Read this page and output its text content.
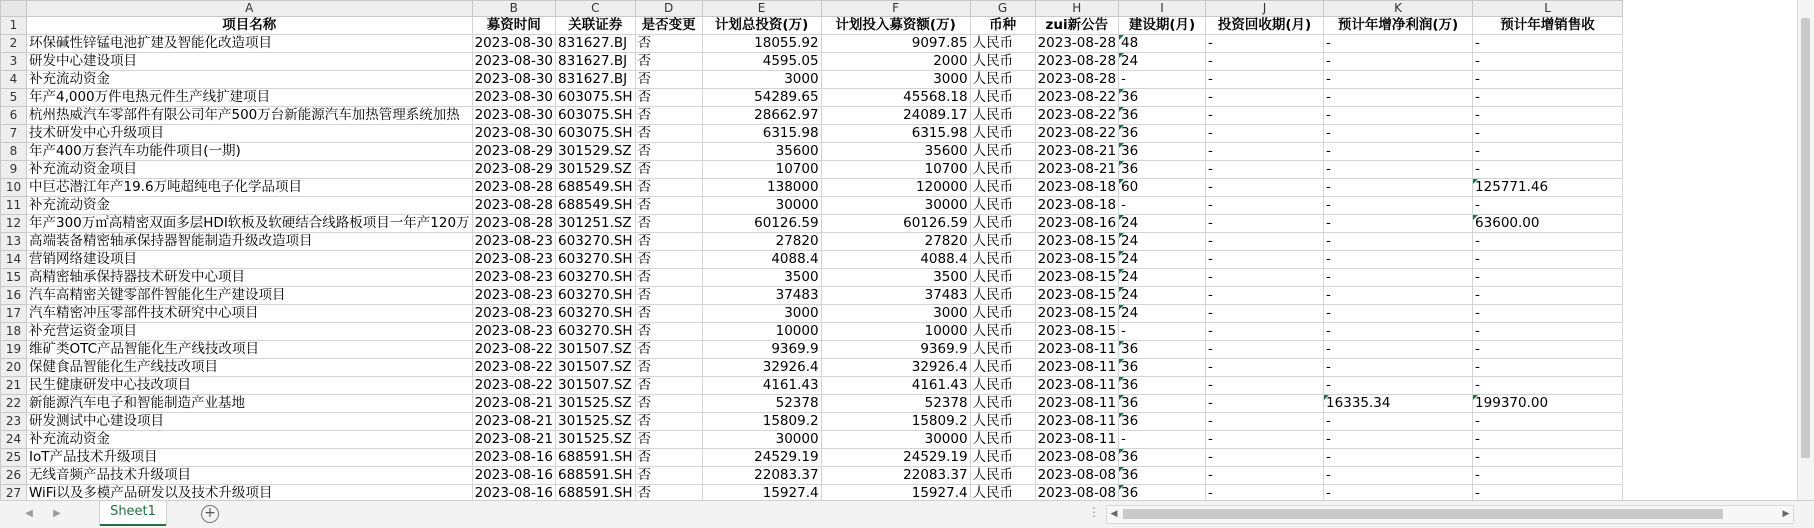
	A	B	C	D	E	F	G	H	I	J	K	L
1	项目名称	募资时间	关联证券	是否变更	计划总投资(万)	计划投入募资额(万)	币种	zui新公告	建设期(月)	投资回收期(月)	预计年增净利润(万)	预计年增销售收
2	环保碱性锌锰电池扩建及智能化改造项目	2023-08-30	831627.BJ	否	18055.92	9097.85	人民币	2023-08-28	48	-	-	-
3	研发中心建设项目	2023-08-30	831627.BJ	否	4595.05	2000	人民币	2023-08-28	24	-	-	-
4	补充流动资金	2023-08-30	831627.BJ	否	3000	3000	人民币	2023-08-28	-	-	-	-
5	年产4,000万件电热元件生产线扩建项目	2023-08-30	603075.SH	否	54289.65	45568.18	人民币	2023-08-22	36	-	-	-
6	杭州热威汽车零部件有限公司年产500万台新能源汽车加热管理系统加热	2023-08-30	603075.SH	否	28662.97	24089.17	人民币	2023-08-22	36	-	-	-
7	技术研发中心升级项目	2023-08-30	603075.SH	否	6315.98	6315.98	人民币	2023-08-22	36	-	-	-
8	年产400万套汽车功能件项目(一期)	2023-08-29	301529.SZ	否	35600	35600	人民币	2023-08-21	36	-	-	-
9	补充流动资金项目	2023-08-29	301529.SZ	否	10700	10700	人民币	2023-08-21	36	-	-	-
10	中巨芯潜江年产19.6万吨超纯电子化学品项目	2023-08-28	688549.SH	否	138000	120000	人民币	2023-08-18	60	-	-	125771.46
11	补充流动资金	2023-08-28	688549.SH	否	30000	30000	人民币	2023-08-18	-	-	-	-
12	年产300万㎡高精密双面多层HDI软板及软硬结合线路板项目一年产120万	2023-08-28	301251.SZ	否	60126.59	60126.59	人民币	2023-08-16	24	-	-	63600.00
13	高端装备精密轴承保持器智能制造升级改造项目	2023-08-23	603270.SH	否	27820	27820	人民币	2023-08-15	24	-	-	-
14	营销网络建设项目	2023-08-23	603270.SH	否	4088.4	4088.4	人民币	2023-08-15	24	-	-	-
15	高精密轴承保持器技术研发中心项目	2023-08-23	603270.SH	否	3500	3500	人民币	2023-08-15	24	-	-	-
16	汽车高精密关键零部件智能化生产建设项目	2023-08-23	603270.SH	否	37483	37483	人民币	2023-08-15	24	-	-	-
17	汽车精密冲压零部件技术研究中心项目	2023-08-23	603270.SH	否	3000	3000	人民币	2023-08-15	24	-	-	-
18	补充营运资金项目	2023-08-23	603270.SH	否	10000	10000	人民币	2023-08-15	-	-	-	-
19	维矿类OTC产品智能化生产线技改项目	2023-08-22	301507.SZ	否	9369.9	9369.9	人民币	2023-08-11	36	-	-	-
20	保健食品智能化生产线技改项目	2023-08-22	301507.SZ	否	32926.4	32926.4	人民币	2023-08-11	36	-	-	-
21	民生健康研发中心技改项目	2023-08-22	301507.SZ	否	4161.43	4161.43	人民币	2023-08-11	36	-	-	-
22	新能源汽车电子和智能制造产业基地	2023-08-21	301525.SZ	否	52378	52378	人民币	2023-08-11	36	-	16335.34	199370.00
23	研发测试中心建设项目	2023-08-21	301525.SZ	否	15809.2	15809.2	人民币	2023-08-11	36	-	-	-
24	补充流动资金	2023-08-21	301525.SZ	否	30000	30000	人民币	2023-08-11	-	-	-	-
25	IoT产品技术升级项目	2023-08-16	688591.SH	否	24529.19	24529.19	人民币	2023-08-08	36	-	-	-
26	无线音频产品技术升级项目	2023-08-16	688591.SH	否	22083.37	22083.37	人民币	2023-08-08	36	-	-	-
27	WiFi以及多模产品研发以及技术升级项目	2023-08-16	688591.SH	否	15927.4	15927.4	人民币	2023-08-08	36	-	-	-
◀	▶	Sheet1	+	⋮	◀	▶
